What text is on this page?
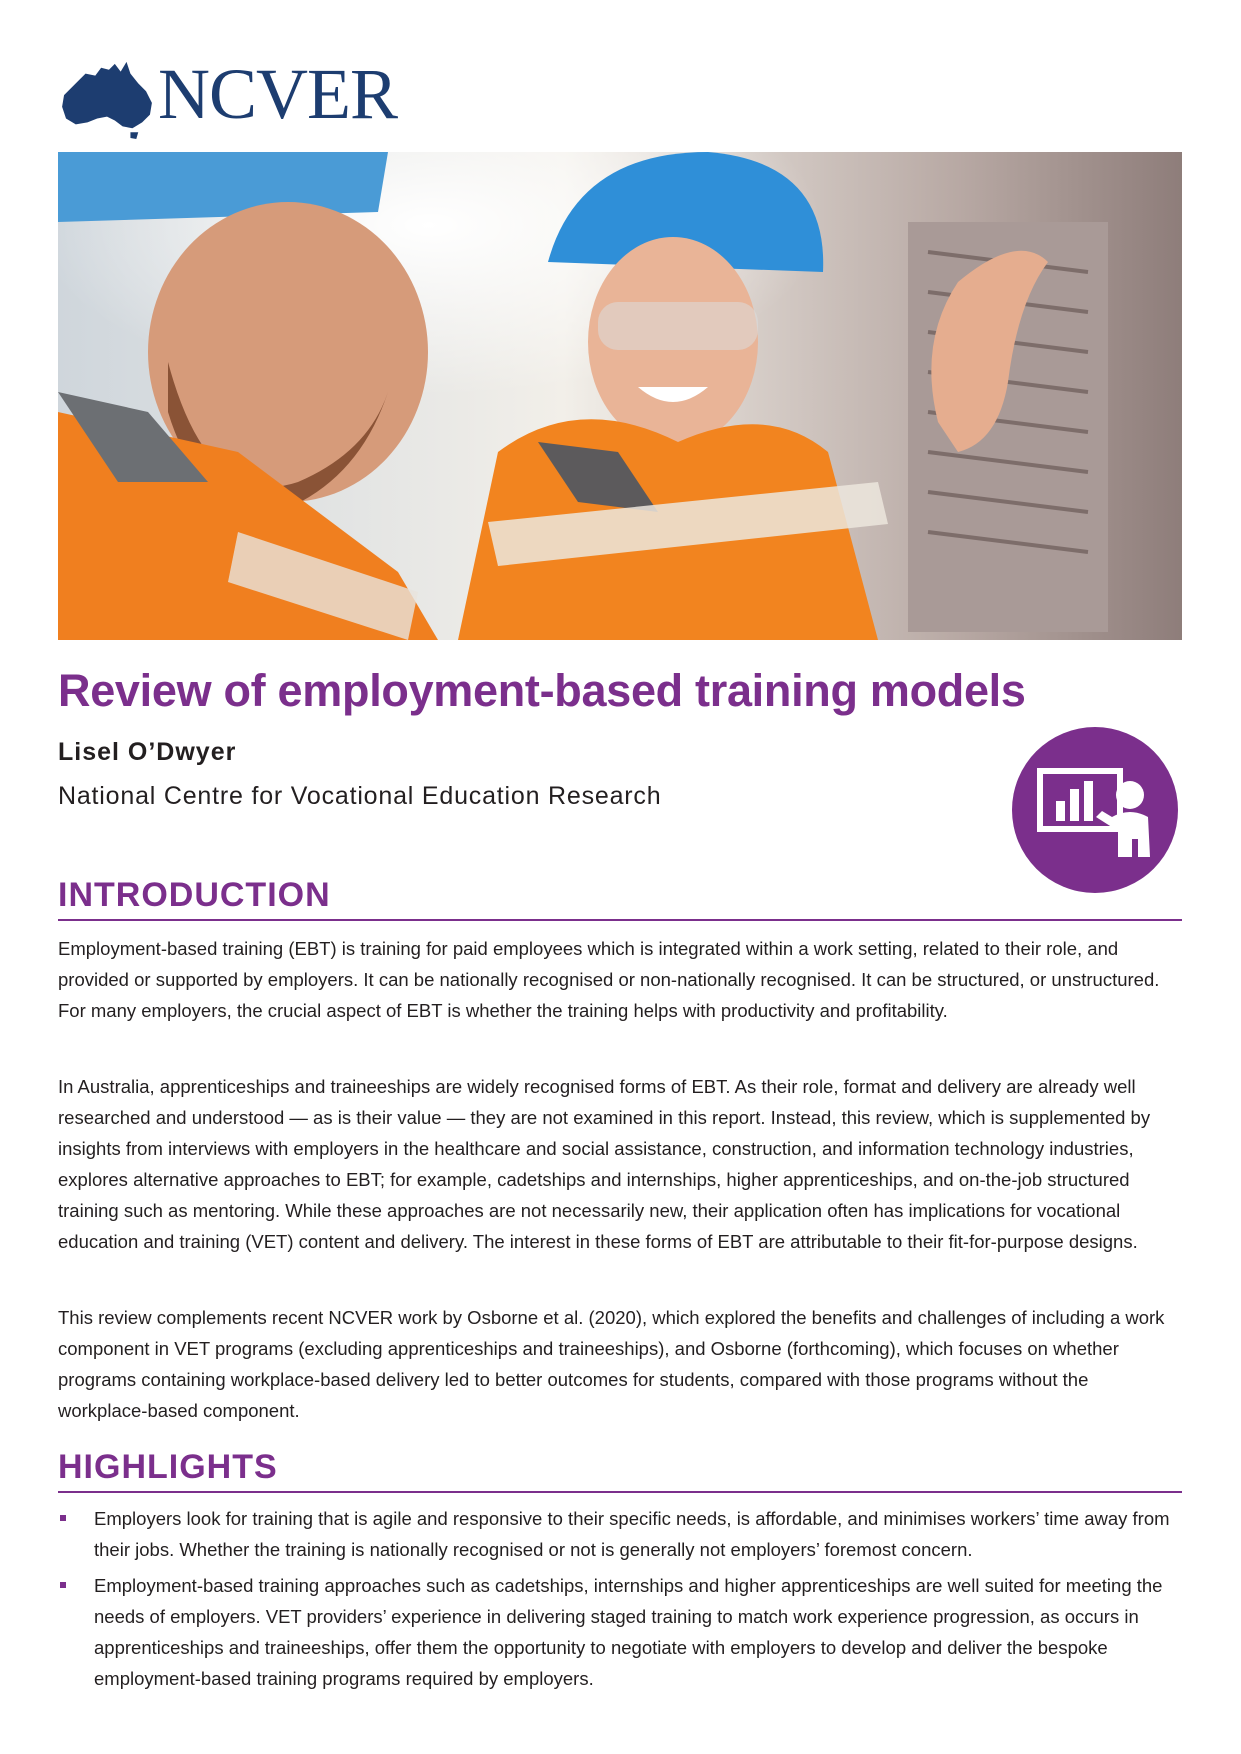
NCVER
Review of employment-based training models
Lisel O’Dwyer
National Centre for Vocational Education Research
INTRODUCTION

Employment-based training (EBT) is training for paid employees which is integrated within a work setting, related to their role, and provided or supported by employers. It can be nationally recognised or non-nationally recognised. It can be structured, or unstructured. For many employers, the crucial aspect of EBT is whether the training helps with productivity and profitability.

In Australia, apprenticeships and traineeships are widely recognised forms of EBT. As their role, format and delivery are already well researched and understood — as is their value — they are not examined in this report. Instead, this review, which is supplemented by insights from interviews with employers in the healthcare and social assistance, construction, and information technology industries, explores alternative approaches to EBT; for example, cadetships and internships, higher apprenticeships, and on-the-job structured training such as mentoring. While these approaches are not necessarily new, their application often has implications for vocational education and training (VET) content and delivery. The interest in these forms of EBT are attributable to their fit-for-purpose designs.

This review complements recent NCVER work by Osborne et al. (2020), which explored the benefits and challenges of including a work component in VET programs (excluding apprenticeships and traineeships), and Osborne (forthcoming), which focuses on whether programs containing workplace-based delivery led to better outcomes for students, compared with those programs without the workplace-based component.

HIGHLIGHTS
Employers look for training that is agile and responsive to their specific needs, is affordable, and minimises workers’ time away from their jobs. Whether the training is nationally recognised or not is generally not employers’ foremost concern.
Employment-based training approaches such as cadetships, internships and higher apprenticeships are well suited for meeting the needs of employers. VET providers’ experience in delivering staged training to match work experience progression, as occurs in apprenticeships and traineeships, offer them the opportunity to negotiate with employers to develop and deliver the bespoke employment-based training programs required by employers.
